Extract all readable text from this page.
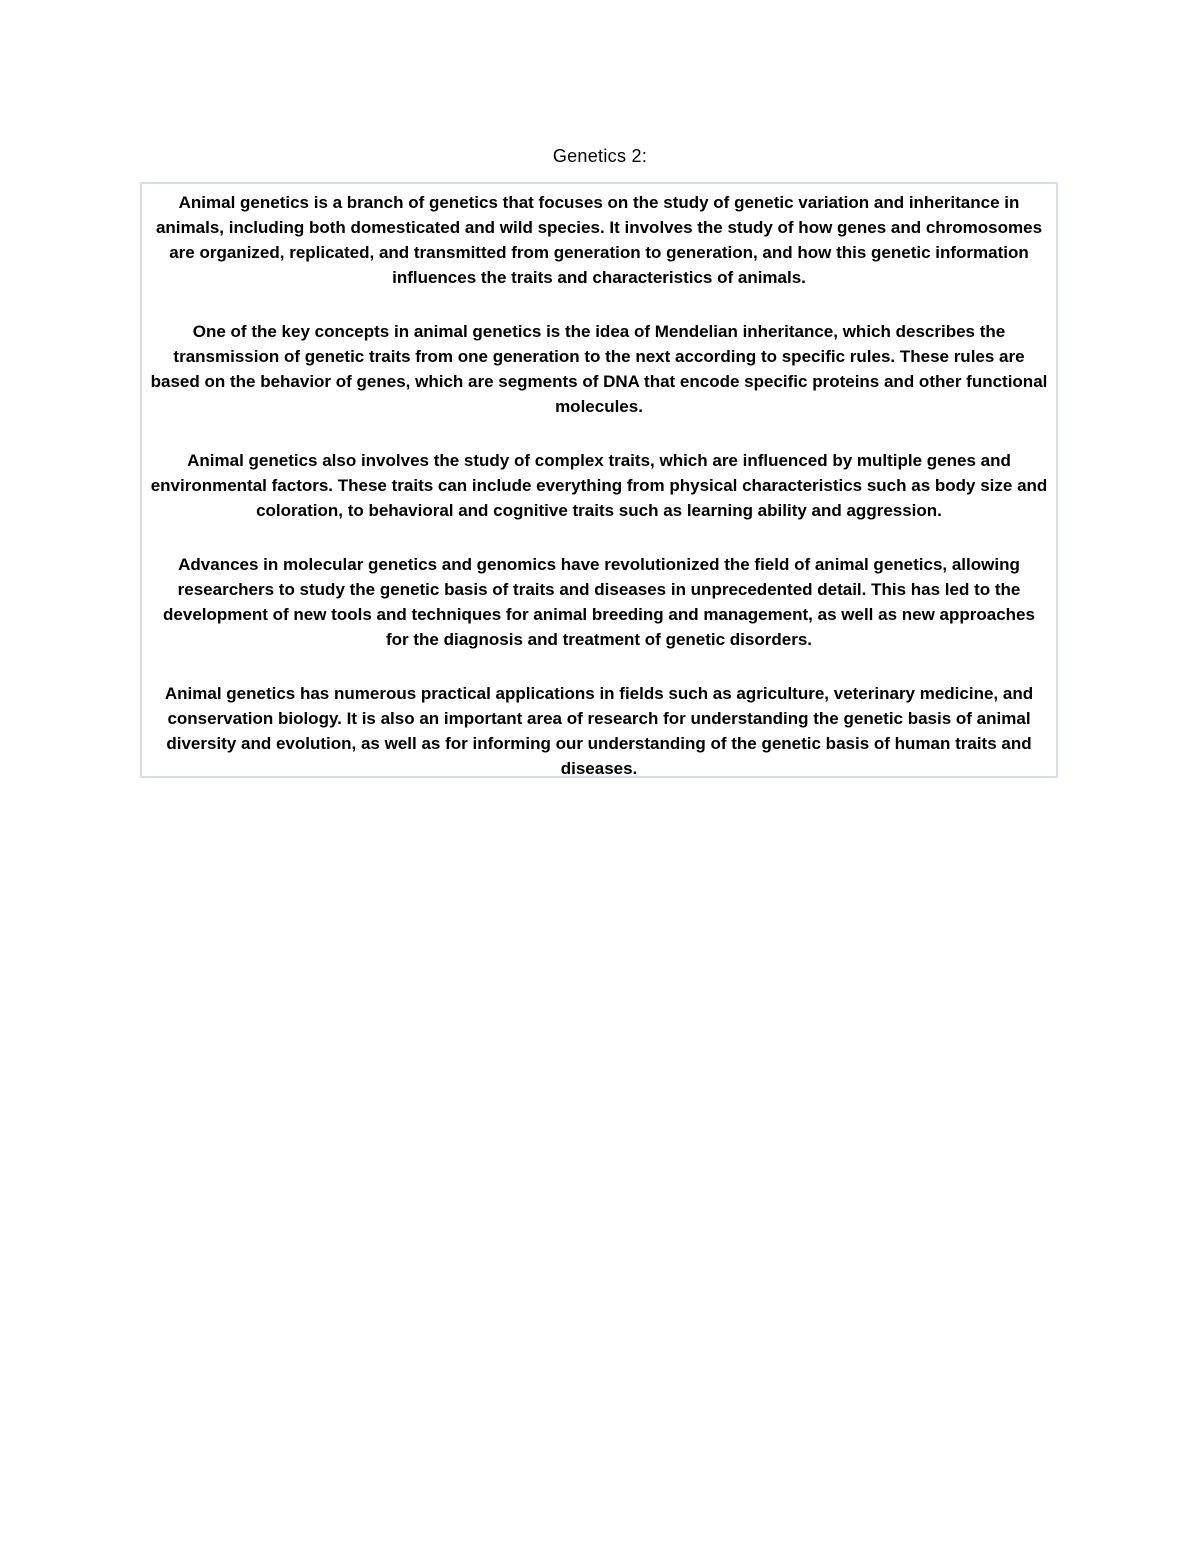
Genetics 2:

Animal genetics is a branch of genetics that focuses on the study of genetic variation and inheritance in animals, including both domesticated and wild species. It involves the study of how genes and chromosomes are organized, replicated, and transmitted from generation to generation, and how this genetic information influences the traits and characteristics of animals.

One of the key concepts in animal genetics is the idea of Mendelian inheritance, which describes the transmission of genetic traits from one generation to the next according to specific rules. These rules are based on the behavior of genes, which are segments of DNA that encode specific proteins and other functional molecules.

Animal genetics also involves the study of complex traits, which are influenced by multiple genes and environmental factors. These traits can include everything from physical characteristics such as body size and coloration, to behavioral and cognitive traits such as learning ability and aggression.

Advances in molecular genetics and genomics have revolutionized the field of animal genetics, allowing researchers to study the genetic basis of traits and diseases in unprecedented detail. This has led to the development of new tools and techniques for animal breeding and management, as well as new approaches for the diagnosis and treatment of genetic disorders.

Animal genetics has numerous practical applications in fields such as agriculture, veterinary medicine, and conservation biology. It is also an important area of research for understanding the genetic basis of animal diversity and evolution, as well as for informing our understanding of the genetic basis of human traits and diseases.
